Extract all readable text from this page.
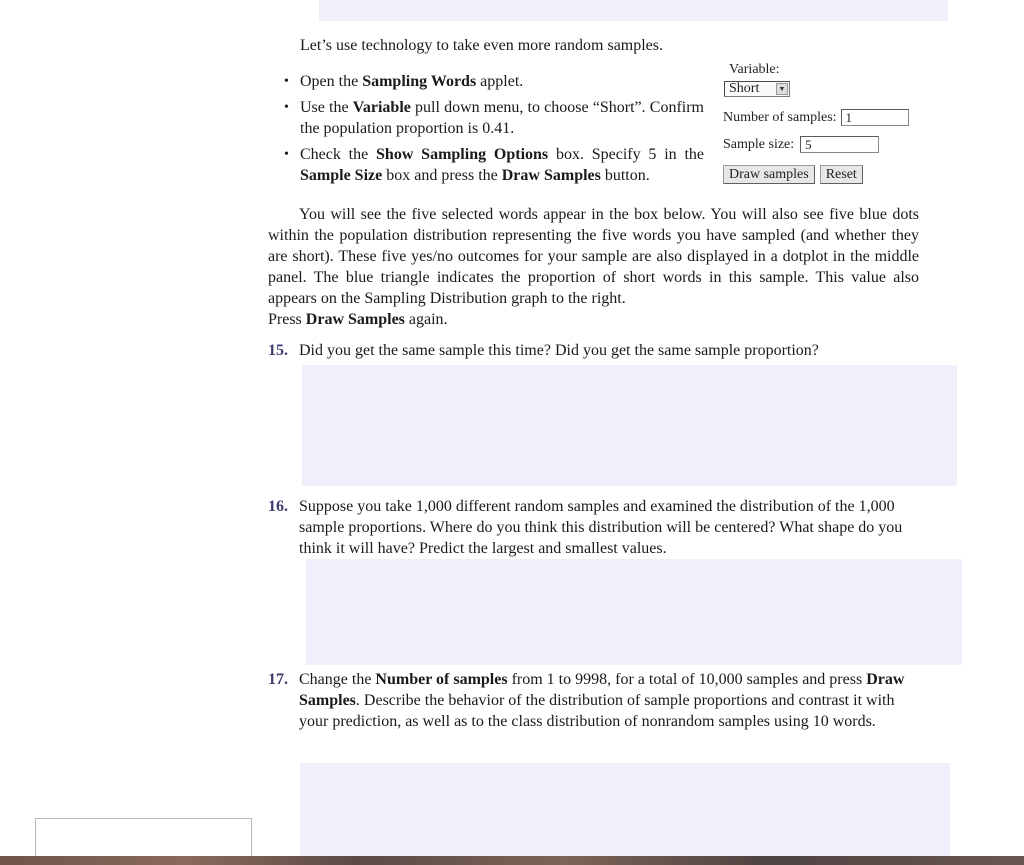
Let’s use technology to take even more random samples.
• Open the Sampling Words applet.
• Use the Variable pull down menu, to choose “Short”. Confirm the population proportion is 0.41.
• Check the Show Sampling Options box. Specify 5 in the Sample Size box and press the Draw Samples button.
Variable:
Short	▼
Number of samples: 1
Sample size: 5
Draw samples	Reset
You will see the five selected words appear in the box below. You will also see five blue dots within the population distribution representing the five words you have sampled (and whether they are short). These five yes/no outcomes for your sample are also displayed in a dotplot in the middle panel. The blue triangle indicates the proportion of short words in this sample. This value also appears on the Sampling Distribution graph to the right.
Press Draw Samples again.
15. Did you get the same sample this time? Did you get the same sample proportion?
16. Suppose you take 1,000 different random samples and examined the distribution of the 1,000 sample proportions. Where do you think this distribution will be centered? What shape do you think it will have? Predict the largest and smallest values.
17. Change the Number of samples from 1 to 9998, for a total of 10,000 samples and press Draw Samples. Describe the behavior of the distribution of sample proportions and contrast it with your prediction, as well as to the class distribution of nonrandom samples using 10 words.
